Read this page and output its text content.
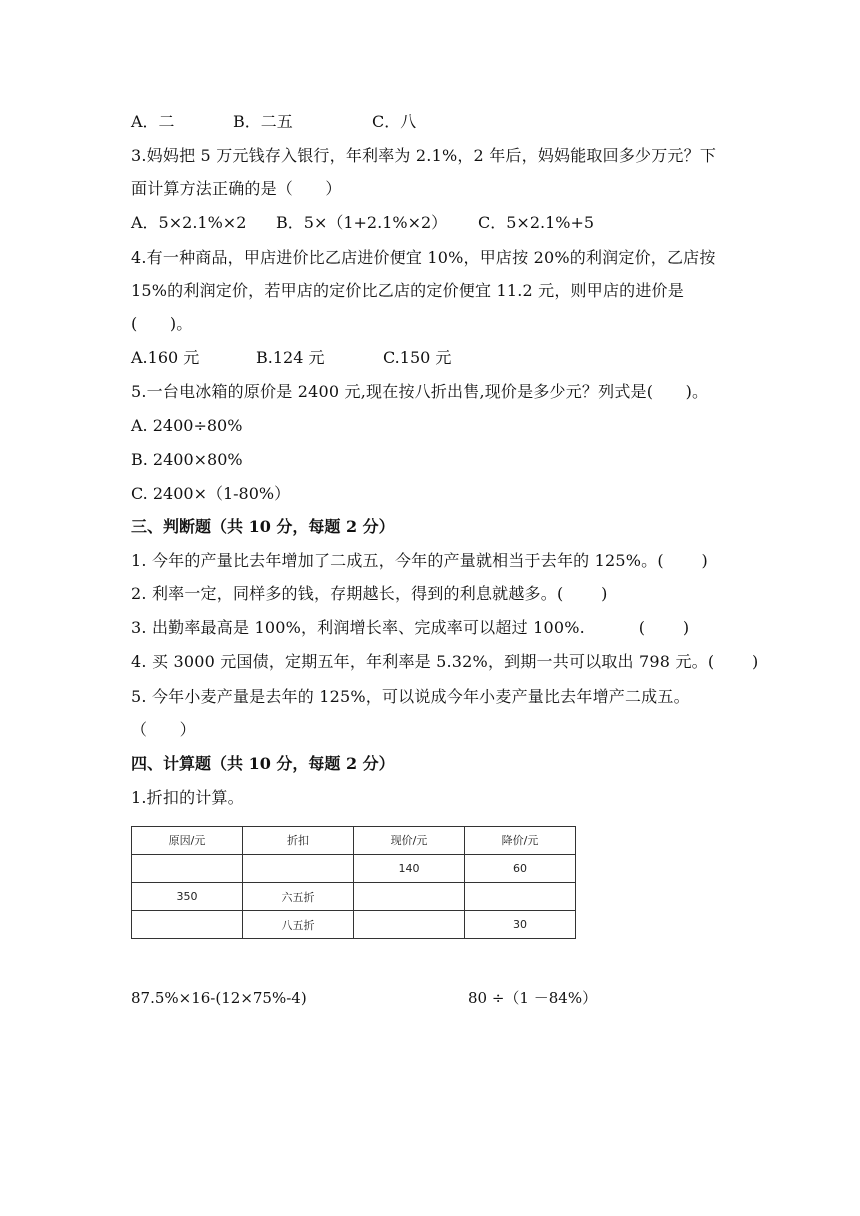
A．二	B．二五	C．八
3.妈妈把 5 万元钱存入银行，年利率为 2.1%，2 年后，妈妈能取回多少万元？下
面计算方法正确的是（　　）
A．5×2.1%×2 B．5×（1+2.1%×2） C．5×2.1%+5
4.有一种商品，甲店进价比乙店进价便宜 10%，甲店按 20%的利润定价，乙店按
15%的利润定价，若甲店的定价比乙店的定价便宜 11.2 元，则甲店的进价是
(　　)。
A.160 元	B.124 元	C.150 元
5.一台电冰箱的原价是 2400 元,现在按八折出售,现价是多少元？列式是(　　)。
A. 2400÷80%
B. 2400×80%
C. 2400×（1-80%）
三、判断题（共 10 分，每题 2 分）
1. 今年的产量比去年增加了二成五，今年的产量就相当于去年的 125%。(　　 )
2. 利率一定，同样多的钱，存期越长，得到的利息就越多。(　　 )
3. 出勤率最高是 100%，利润增长率、完成率可以超过 100%.　　　 (　　 )
4. 买 3000 元国债，定期五年，年利率是 5.32%，到期一共可以取出 798 元。(　　 )
5. 今年小麦产量是去年的 125%，可以说成今年小麦产量比去年增产二成五。
（　　）
四、计算题（共 10 分，每题 2 分）
1.折扣的计算。
原因/元	折扣	现价/元	降价/元
		140	60
350	六五折		
	八五折		30
87.5%×16-(12×75%-4)	80 ÷（1 －84%）
